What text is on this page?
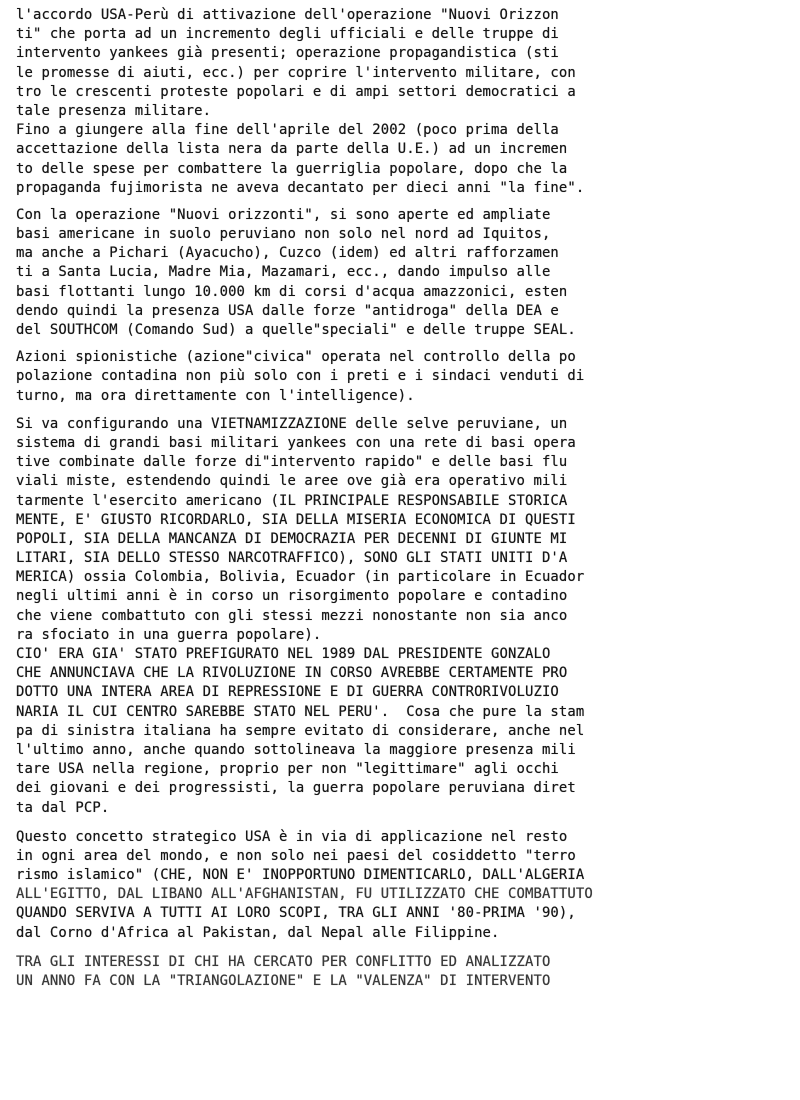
l'accordo USA-Perù di attivazione dell'operazione "Nuovi Orizzon
ti" che porta ad un incremento degli ufficiali e delle truppe di
intervento yankees già presenti; operazione propagandistica (sti
le promesse di aiuti, ecc.) per coprire l'intervento militare, con
tro le crescenti proteste popolari e di ampi settori democratici a
tale presenza militare.
Fino a giungere alla fine dell'aprile del 2002 (poco prima della
accettazione della lista nera da parte della U.E.) ad un incremen
to delle spese per combattere la guerriglia popolare, dopo che la
propaganda fujimorista ne aveva decantato per dieci anni "la fine".
Con la operazione "Nuovi orizzonti", si sono aperte ed ampliate
basi americane in suolo peruviano non solo nel nord ad Iquitos,
ma anche a Pichari (Ayacucho), Cuzco (idem) ed altri rafforzamen
ti a Santa Lucia, Madre Mia, Mazamari, ecc., dando impulso alle
basi flottanti lungo 10.000 km di corsi d'acqua amazzonici, esten
dendo quindi la presenza USA dalle forze "antidroga" della DEA e
del SOUTHCOM (Comando Sud) a quelle"speciali" e delle truppe SEAL.
Azioni spionistiche (azione"civica" operata nel controllo della po
polazione contadina non più solo con i preti e i sindaci venduti di
turno, ma ora direttamente con l'intelligence).
Si va configurando una VIETNAMIZZAZIONE delle selve peruviane, un
sistema di grandi basi militari yankees con una rete di basi opera
tive combinate dalle forze di"intervento rapido" e delle basi flu
viali miste, estendendo quindi le aree ove già era operativo mili
tarmente l'esercito americano (IL PRINCIPALE RESPONSABILE STORICA
MENTE, E' GIUSTO RICORDARLO, SIA DELLA MISERIA ECONOMICA DI QUESTI
POPOLI, SIA DELLA MANCANZA DI DEMOCRAZIA PER DECENNI DI GIUNTE MI
LITARI, SIA DELLO STESSO NARCOTRAFFICO), SONO GLI STATI UNITI D'A
MERICA) ossia Colombia, Bolivia, Ecuador (in particolare in Ecuador
negli ultimi anni è in corso un risorgimento popolare e contadino
che viene combattuto con gli stessi mezzi nonostante non sia anco
ra sfociato in una guerra popolare).
CIO' ERA GIA' STATO PREFIGURATO NEL 1989 DAL PRESIDENTE GONZALO
CHE ANNUNCIAVA CHE LA RIVOLUZIONE IN CORSO AVREBBE CERTAMENTE PRO
DOTTO UNA INTERA AREA DI REPRESSIONE E DI GUERRA CONTRORIVOLUZIO
NARIA IL CUI CENTRO SAREBBE STATO NEL PERU'.  Cosa che pure la stam
pa di sinistra italiana ha sempre evitato di considerare, anche nel
l'ultimo anno, anche quando sottolineava la maggiore presenza mili
tare USA nella regione, proprio per non "legittimare" agli occhi
dei giovani e dei progressisti, la guerra popolare peruviana diret
ta dal PCP.
Questo concetto strategico USA è in via di applicazione nel resto
in ogni area del mondo, e non solo nei paesi del cosiddetto "terro
rismo islamico" (CHE, NON E' INOPPORTUNO DIMENTICARLO, DALL'ALGERIA
ALL'EGITTO, DAL LIBANO ALL'AFGHANISTAN, FU UTILIZZATO CHE COMBATTUTO
QUANDO SERVIVA A TUTTI AI LORO SCOPI, TRA GLI ANNI '80-PRIMA '90),
dal Corno d'Africa al Pakistan, dal Nepal alle Filippine.
TRA GLI INTERESSI DI CHI HA CERCATO PER CONFLITTO ED ANALIZZATO
UN ANNO FA CON LA "TRIANGOLAZIONE" E LA "VALENZA" DI INTERVENTO
